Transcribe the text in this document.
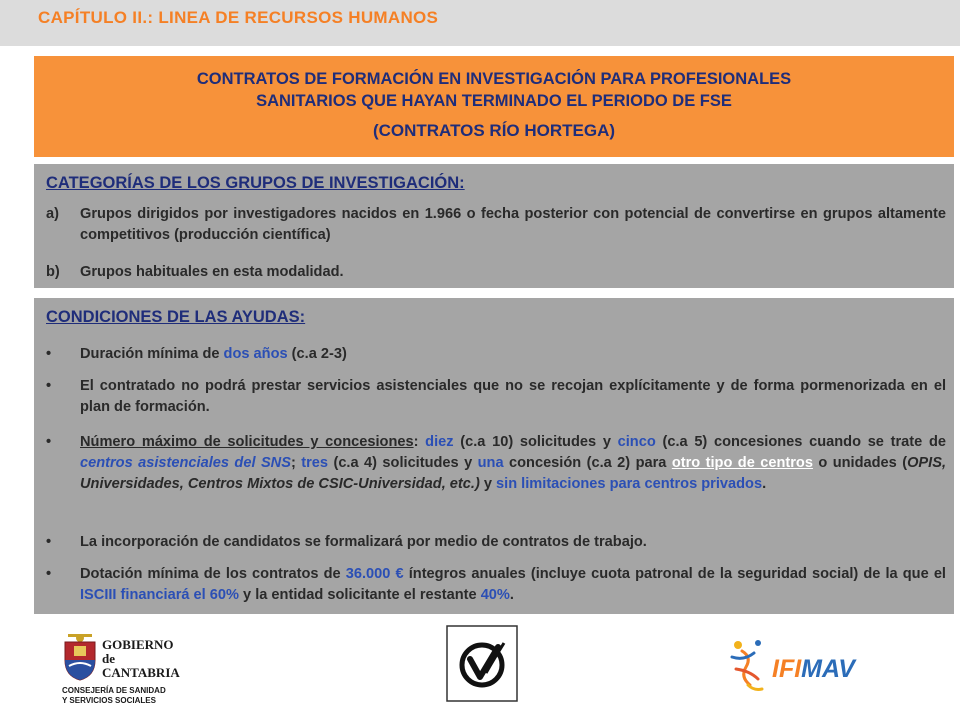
CAPÍTULO II.: LINEA DE RECURSOS HUMANOS
CONTRATOS DE FORMACIÓN EN INVESTIGACIÓN PARA PROFESIONALES
SANITARIOS QUE HAYAN TERMINADO EL PERIODO DE FSE
(CONTRATOS RÍO HORTEGA)
CATEGORÍAS DE LOS GRUPOS DE INVESTIGACIÓN:
a) Grupos dirigidos por investigadores nacidos en 1.966 o fecha posterior con potencial de convertirse en grupos altamente competitivos (producción científica)
b) Grupos habituales en esta modalidad.
CONDICIONES DE LAS AYUDAS:
• Duración mínima de dos años (c.a 2-3)
• El contratado no podrá prestar servicios asistenciales que no se recojan explícitamente y de forma pormenorizada en el plan de formación.
• Número máximo de solicitudes y concesiones: diez (c.a 10) solicitudes y cinco (c.a 5) concesiones cuando se trate de centros asistenciales del SNS; tres (c.a 4) solicitudes y una concesión (c.a 2) para otro tipo de centros o unidades (OPIS, Universidades, Centros Mixtos de CSIC-Universidad, etc.) y sin limitaciones para centros privados.
• La incorporación de candidatos se formalizará por medio de contratos de trabajo.
• Dotación mínima de los contratos de 36.000 € íntegros anuales (incluye cuota patronal de la seguridad social) de la que el ISCIII financiará el 60% y la entidad solicitante el restante 40%.
GOBIERNO
de
CANTABRIA
CONSEJERÍA DE SANIDAD
Y SERVICIOS SOCIALES
IFIMAV
